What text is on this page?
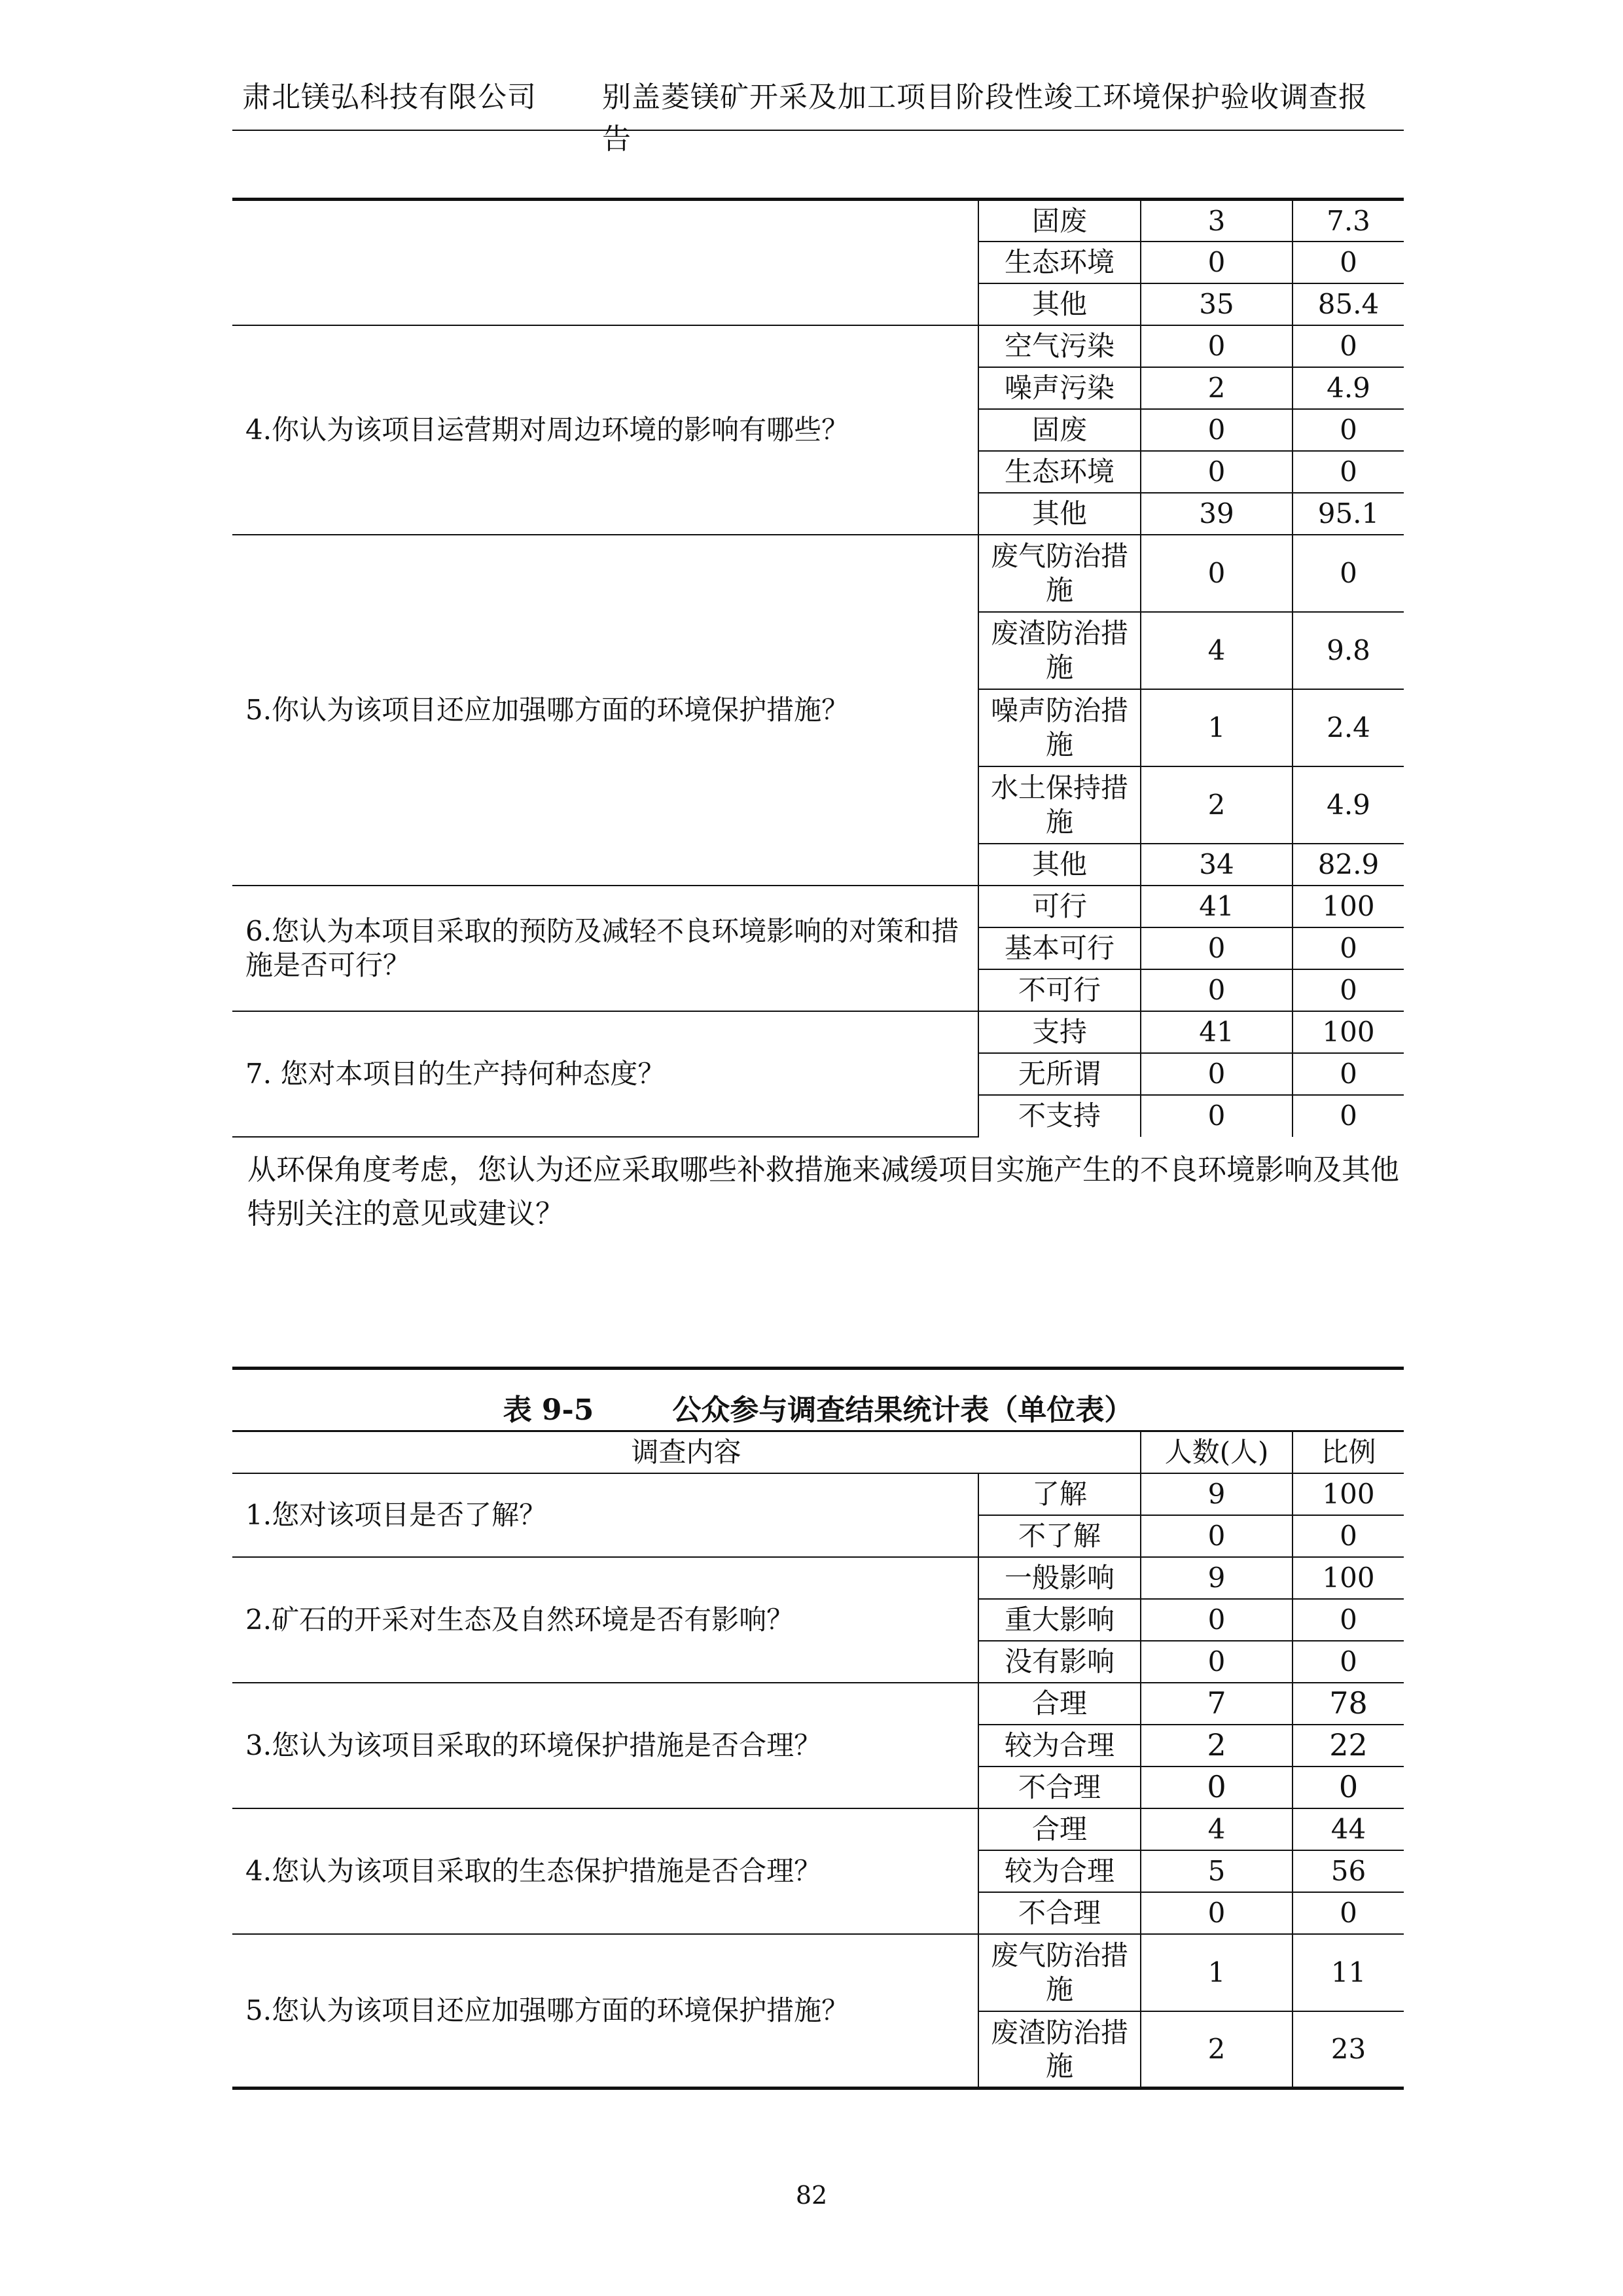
肃北镁弘科技有限公司	别盖菱镁矿开采及加工项目阶段性竣工环境保护验收调查报告
	固废	3	7.3
	生态环境	0	0
	其他	35	85.4
4.你认为该项目运营期对周边环境的影响有哪些？	空气污染	0	0
	噪声污染	2	4.9
	固废	0	0
	生态环境	0	0
	其他	39	95.1
5.你认为该项目还应加强哪方面的环境保护措施？	废气防治措施	0	0
	废渣防治措施	4	9.8
	噪声防治措施	1	2.4
	水土保持措施	2	4.9
	其他	34	82.9
6.您认为本项目采取的预防及减轻不良环境影响的对策和措施是否可行？	可行	41	100
	基本可行	0	0
	不可行	0	0
7. 您对本项目的生产持何种态度？	支持	41	100
	无所谓	0	0
	不支持	0	0
从环保角度考虑，您认为还应采取哪些补救措施来减缓项目实施产生的不良环境影响及其他特别关注的意见或建议？
表 9-5	公众参与调查结果统计表（单位表）
调查内容		人数(人)	比例
1.您对该项目是否了解？	了解	9	100
	不了解	0	0
2.矿石的开采对生态及自然环境是否有影响？	一般影响	9	100
	重大影响	0	0
	没有影响	0	0
3.您认为该项目采取的环境保护措施是否合理？	合理	7	78
	较为合理	2	22
	不合理	0	0
4.您认为该项目采取的生态保护措施是否合理？	合理	4	44
	较为合理	5	56
	不合理	0	0
5.您认为该项目还应加强哪方面的环境保护措施？	废气防治措施	1	11
	废渣防治措施	2	23
82
